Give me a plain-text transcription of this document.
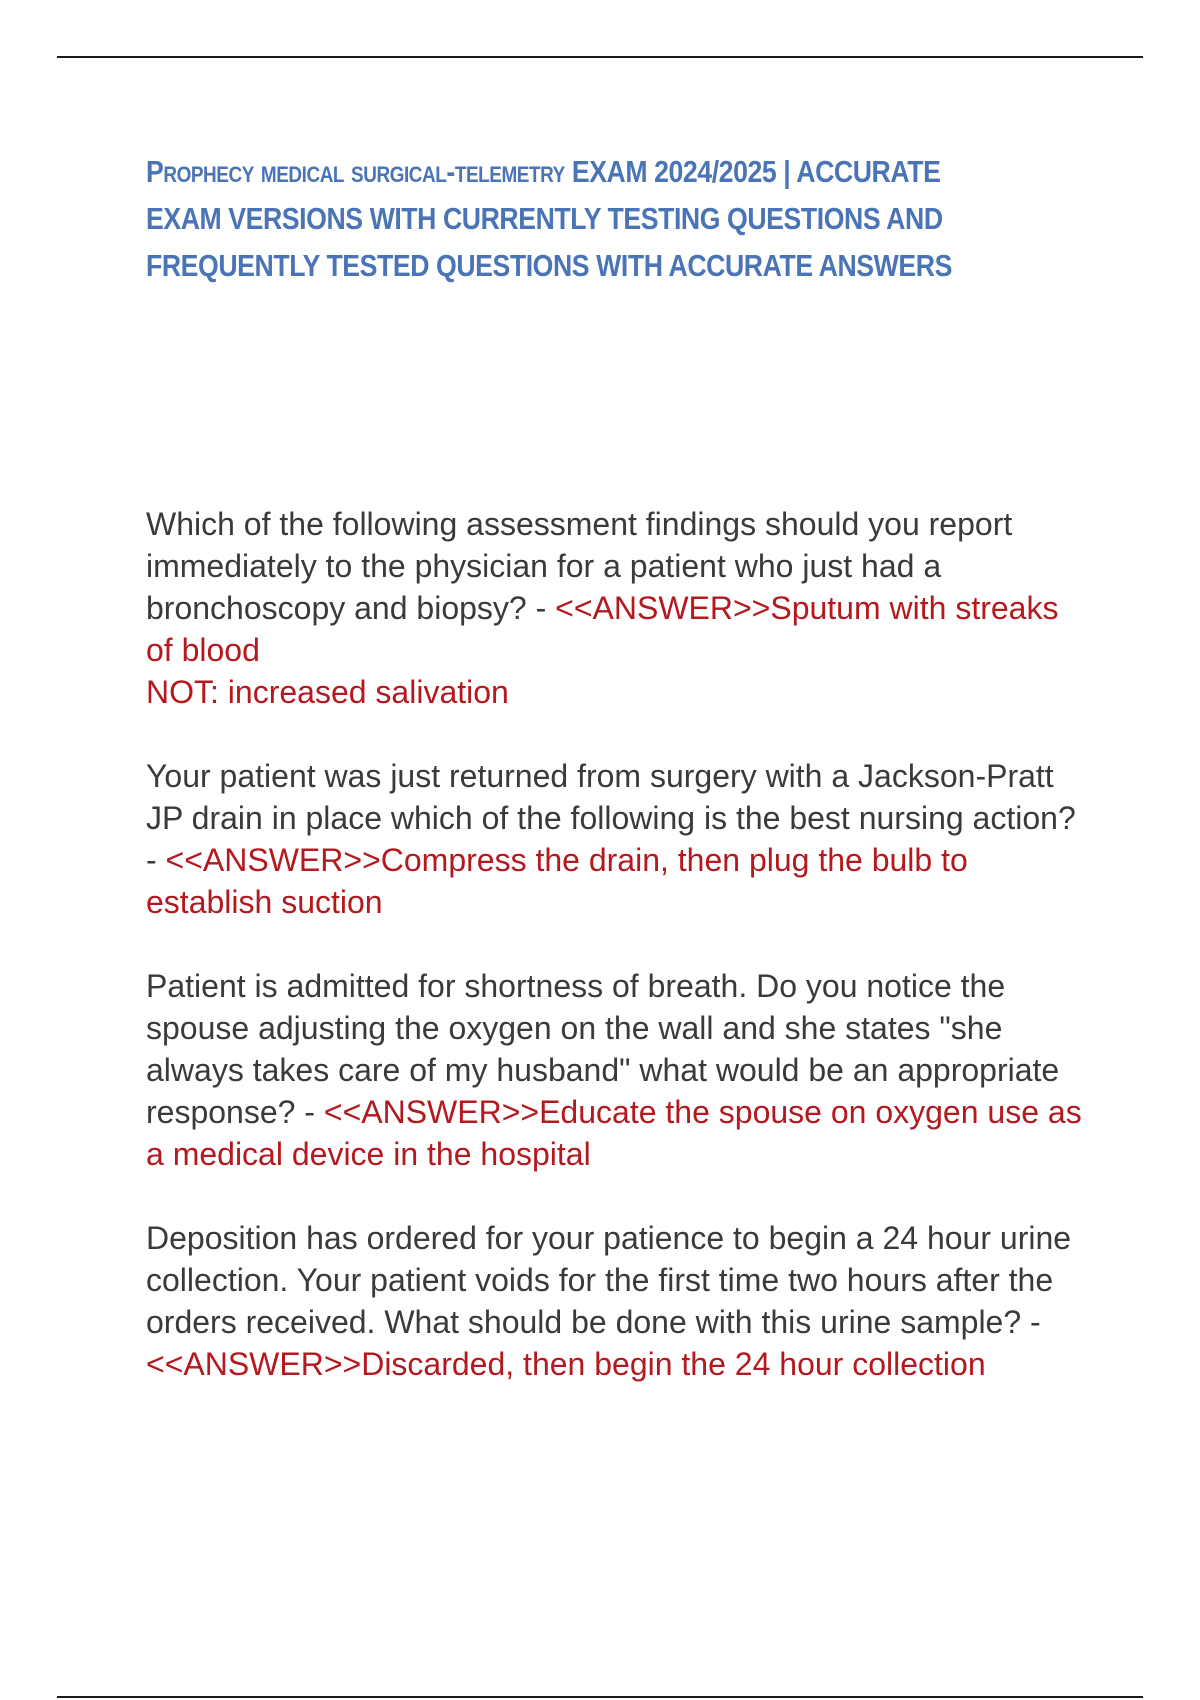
Prophecy medical surgical-telemetry EXAM 2024/2025 | ACCURATE EXAM VERSIONS WITH CURRENTLY TESTING QUESTIONS AND FREQUENTLY TESTED QUESTIONS WITH ACCURATE ANSWERS

Which of the following assessment findings should you report immediately to the physician for a patient who just had a bronchoscopy and biopsy? - <<ANSWER>>Sputum with streaks of blood
NOT: increased salivation

Your patient was just returned from surgery with a Jackson-Pratt JP drain in place which of the following is the best nursing action? - <<ANSWER>>Compress the drain, then plug the bulb to establish suction

Patient is admitted for shortness of breath. Do you notice the spouse adjusting the oxygen on the wall and she states "she always takes care of my husband" what would be an appropriate response? - <<ANSWER>>Educate the spouse on oxygen use as a medical device in the hospital

Deposition has ordered for your patience to begin a 24 hour urine collection. Your patient voids for the first time two hours after the orders received. What should be done with this urine sample? - <<ANSWER>>Discarded, then begin the 24 hour collection
